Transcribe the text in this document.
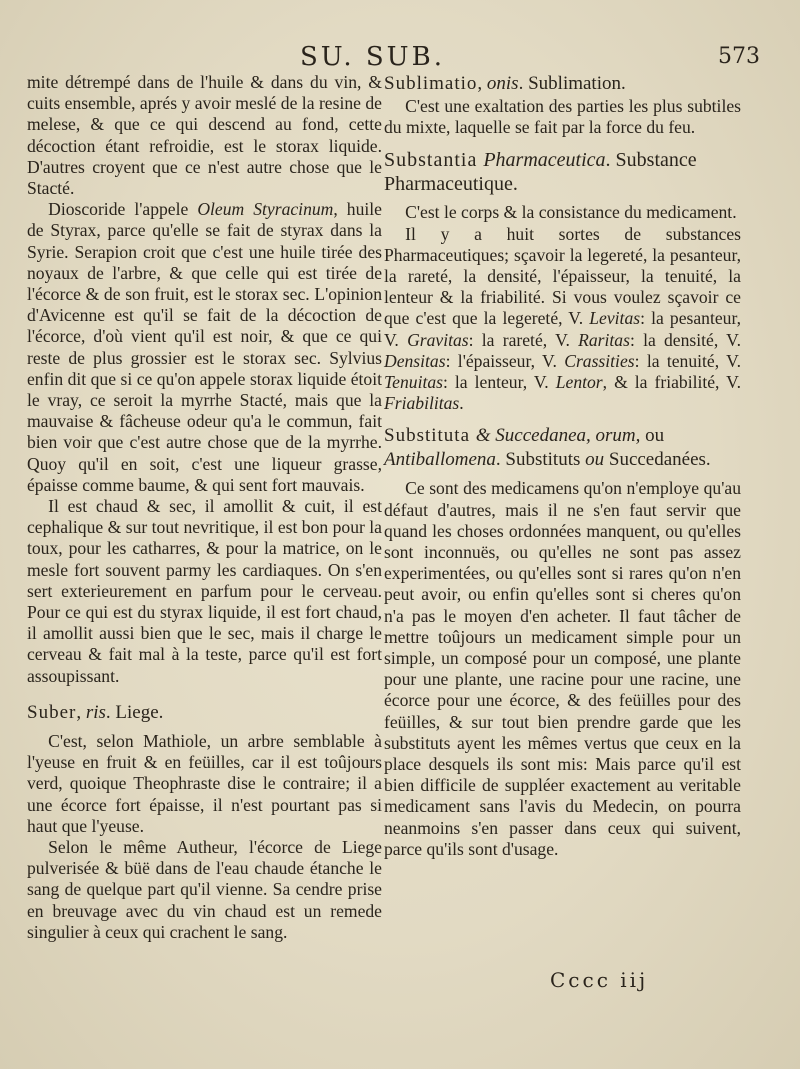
SU. SUB.	573

mite détrempé dans de l'huile & dans du vin, & cuits ensemble, aprés y avoir meslé de la resine de melese, & que ce qui descend au fond, cette décoction étant refroidie, est le storax liquide. D'autres croyent que ce n'est autre chose que le Stacté.

Dioscoride l'appele Oleum Styracinum, huile de Styrax, parce qu'elle se fait de styrax dans la Syrie. Serapion croit que c'est une huile tirée des noyaux de l'arbre, & que celle qui est tirée de l'écorce & de son fruit, est le storax sec. L'opinion d'Avicenne est qu'il se fait de la décoction de l'écorce, d'où vient qu'il est noir, & que ce qui reste de plus grossier est le storax sec. Sylvius enfin dit que si ce qu'on appele storax liquide étoit le vray, ce seroit la myrrhe Stacté, mais que la mauvaise & fâcheuse odeur qu'a le commun, fait bien voir que c'est autre chose que de la myrrhe. Quoy qu'il en soit, c'est une liqueur grasse, épaisse comme baume, & qui sent fort mauvais.

Il est chaud & sec, il amollit & cuit, il est cephalique & sur tout nevritique, il est bon pour la toux, pour les catharres, & pour la matrice, on le mesle fort souvent parmy les cardiaques. On s'en sert exterieurement en parfum pour le cerveau. Pour ce qui est du styrax liquide, il est fort chaud, il amollit aussi bien que le sec, mais il charge le cerveau & fait mal à la teste, parce qu'il est fort assoupissant.

Suber, ris. Liege.

C'est, selon Mathiole, un arbre semblable à l'yeuse en fruit & en feüilles, car il est toûjours verd, quoique Theophraste dise le contraire; il a une écorce fort épaisse, il n'est pourtant pas si haut que l'yeuse.

Selon le même Autheur, l'écorce de Liege pulverisée & büë dans de l'eau chaude étanche le sang de quelque part qu'il vienne. Sa cendre prise en breuvage avec du vin chaud est un remede singulier à ceux qui crachent le sang.

Sublimatio, onis. Sublimation.

C'est une exaltation des parties les plus subtiles du mixte, laquelle se fait par la force du feu.

Substantia Pharmaceutica. Substance Pharmaceutique.

C'est le corps & la consistance du medicament.

Il y a huit sortes de substances Pharmaceutiques; sçavoir la legereté, la pesanteur, la rareté, la densité, l'épaisseur, la tenuité, la lenteur & la friabilité. Si vous voulez sçavoir ce que c'est que la legereté, V. Levitas: la pesanteur, V. Gravitas: la rareté, V. Raritas: la densité, V. Densitas: l'épaisseur, V. Crassities: la tenuité, V. Tenuitas: la lenteur, V. Lentor, & la friabilité, V. Friabilitas.

Substituta & Succedanea, orum, ou Antiballomena. Substituts ou Succedanées.

Ce sont des medicamens qu'on n'employe qu'au défaut d'autres, mais il ne s'en faut servir que quand les choses ordonnées manquent, ou qu'elles sont inconnuës, ou qu'elles ne sont pas assez experimentées, ou qu'elles sont si rares qu'on n'en peut avoir, ou enfin qu'elles sont si cheres qu'on n'a pas le moyen d'en acheter. Il faut tâcher de mettre toûjours un medicament simple pour un simple, un composé pour un composé, une plante pour une plante, une racine pour une racine, une écorce pour une écorce, & des feüilles pour des feüilles, & sur tout bien prendre garde que les substituts ayent les mêmes vertus que ceux en la place desquels ils sont mis: Mais parce qu'il est bien difficile de suppléer exactement au veritable medicament sans l'avis du Medecin, on pourra neanmoins s'en passer dans ceux qui suivent, parce qu'ils sont d'usage.

Cccc iij
